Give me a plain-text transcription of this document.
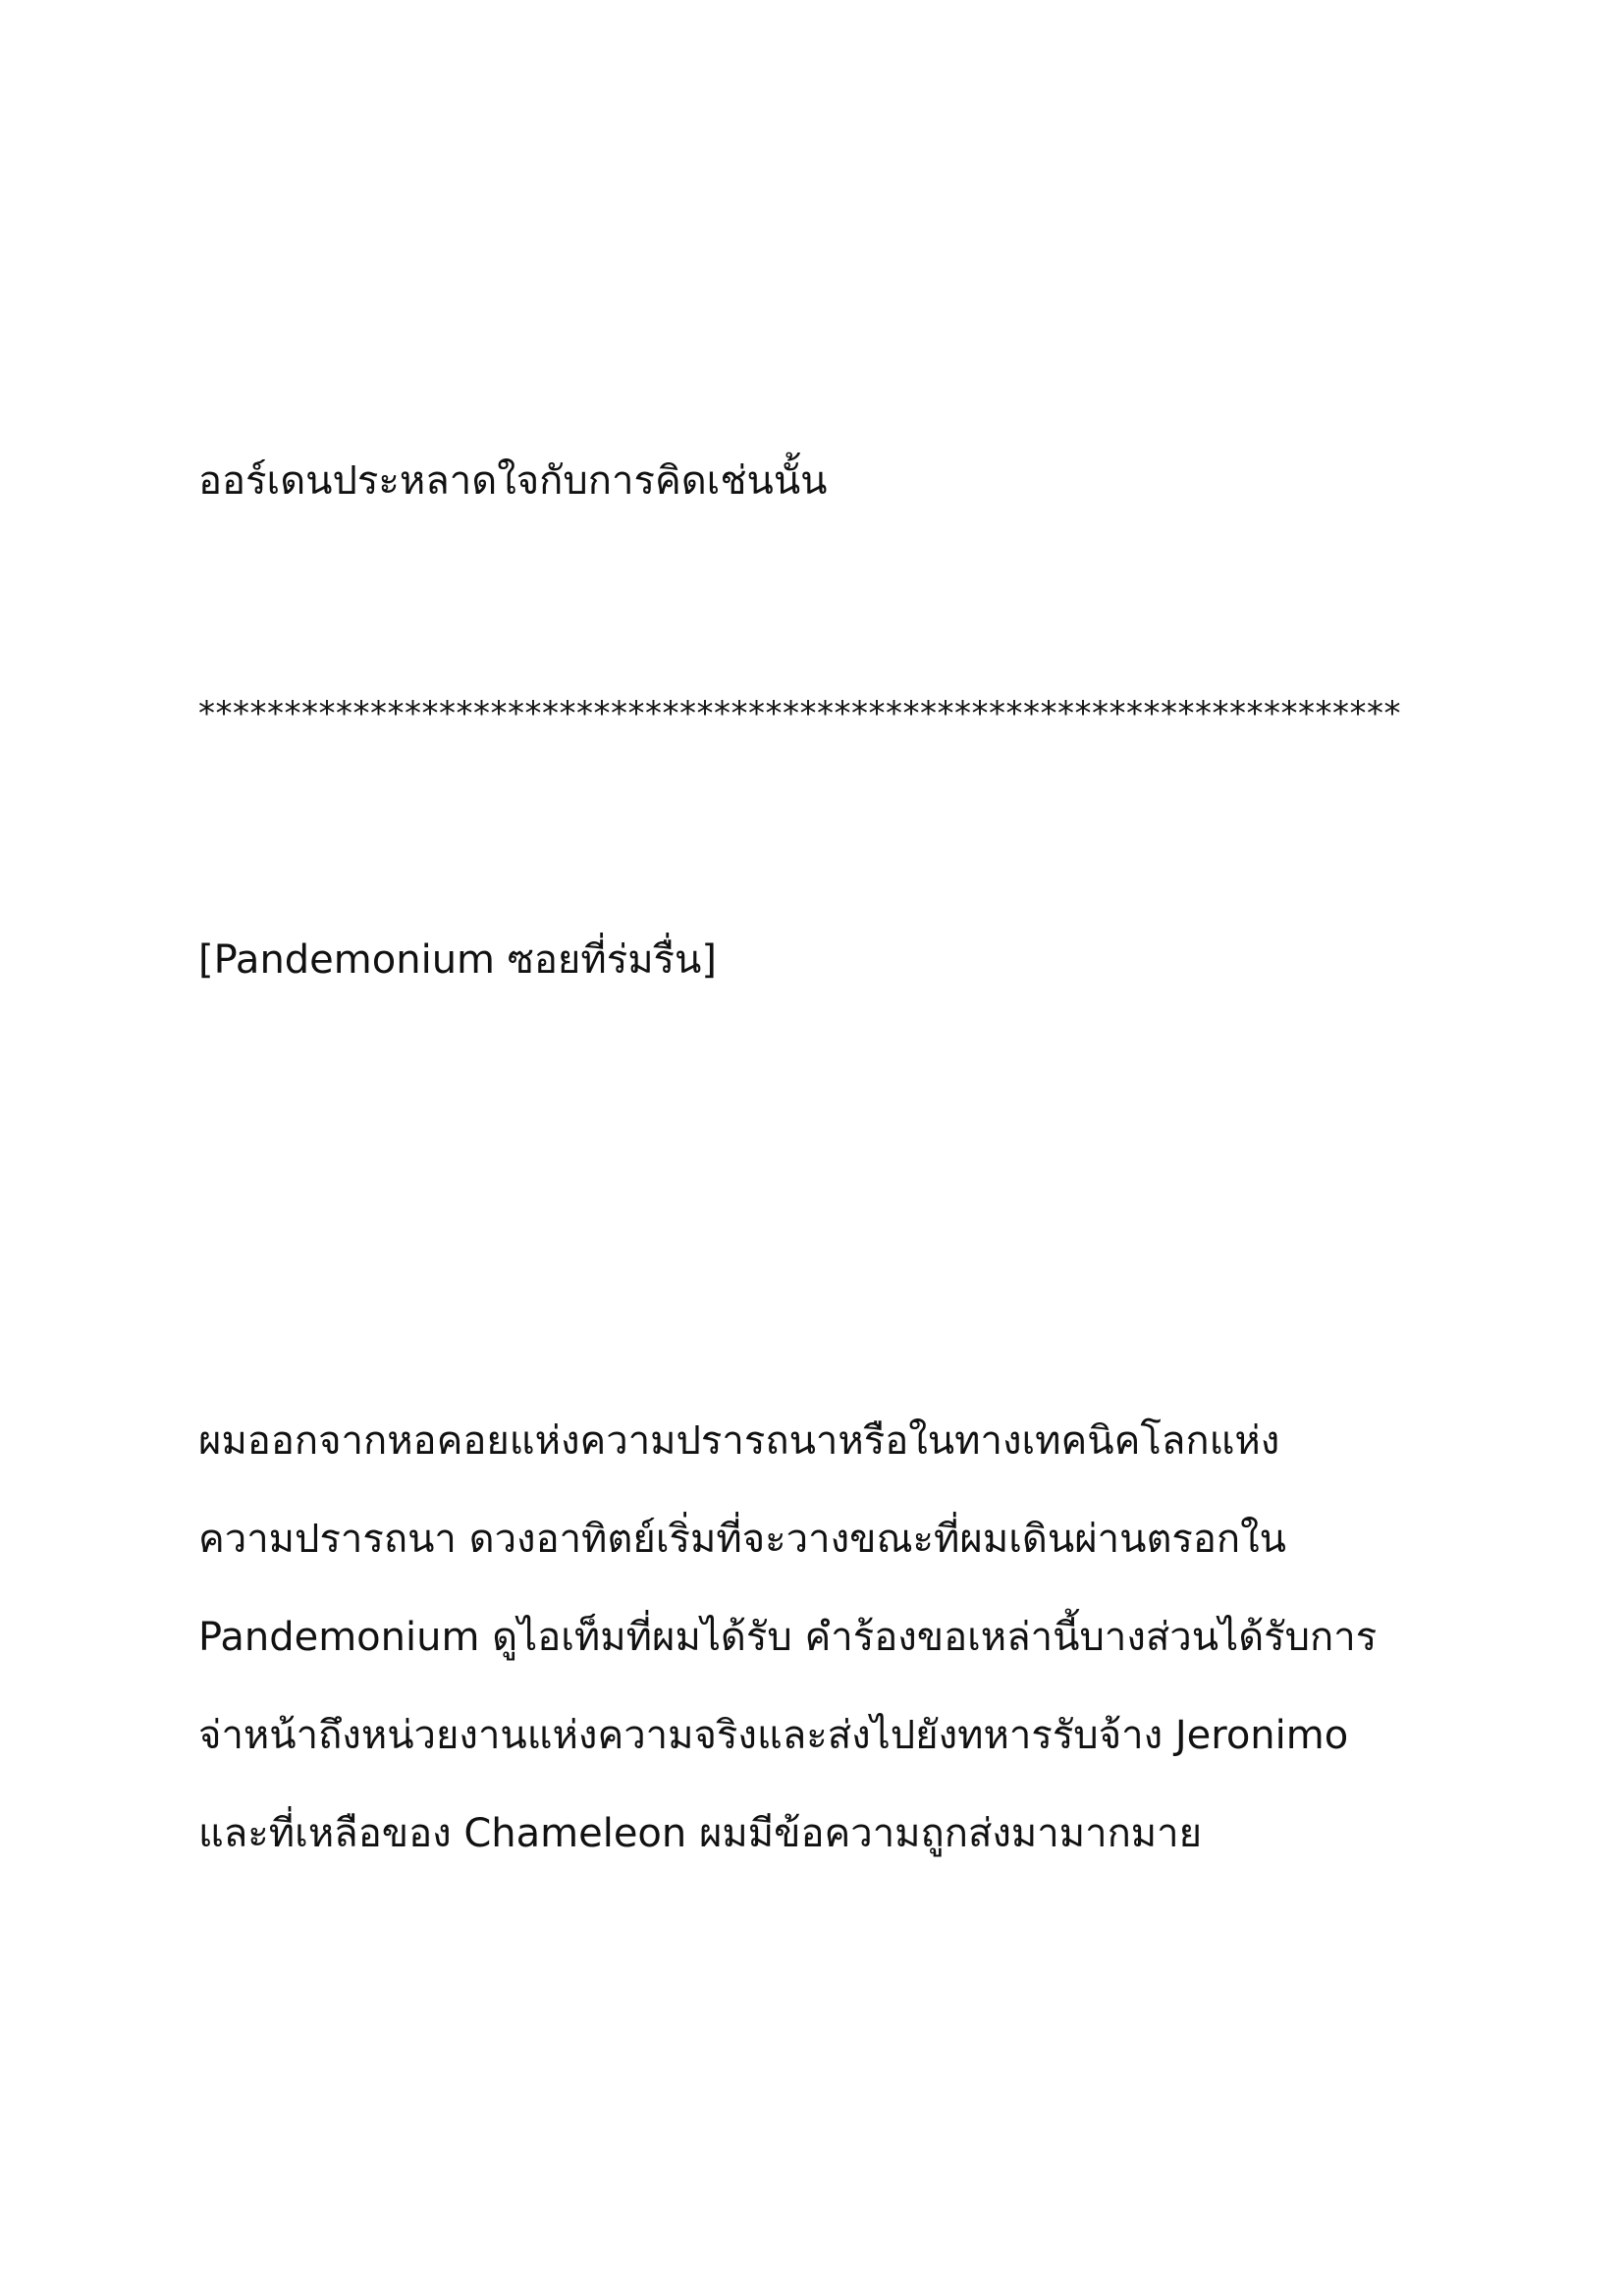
ออร์เดนประหลาดใจกับการคิดเช่นนั้น
**********************************************************************
[Pandemonium ซอยที่ร่มรื่น]
ผมออกจากหอคอยแห่งความปรารถนาหรือในทางเทคนิคโลกแห่ง
ความปรารถนา ดวงอาทิตย์เริ่มที่จะวางขณะที่ผมเดินผ่านตรอกใน
Pandemonium ดูไอเท็มที่ผมได้รับ คำร้องขอเหล่านี้บางส่วนได้รับการ
จ่าหน้าถึงหน่วยงานแห่งความจริงและส่งไปยังทหารรับจ้าง Jeronimo
และที่เหลือของ Chameleon ผมมีข้อความถูกส่งมามากมาย
